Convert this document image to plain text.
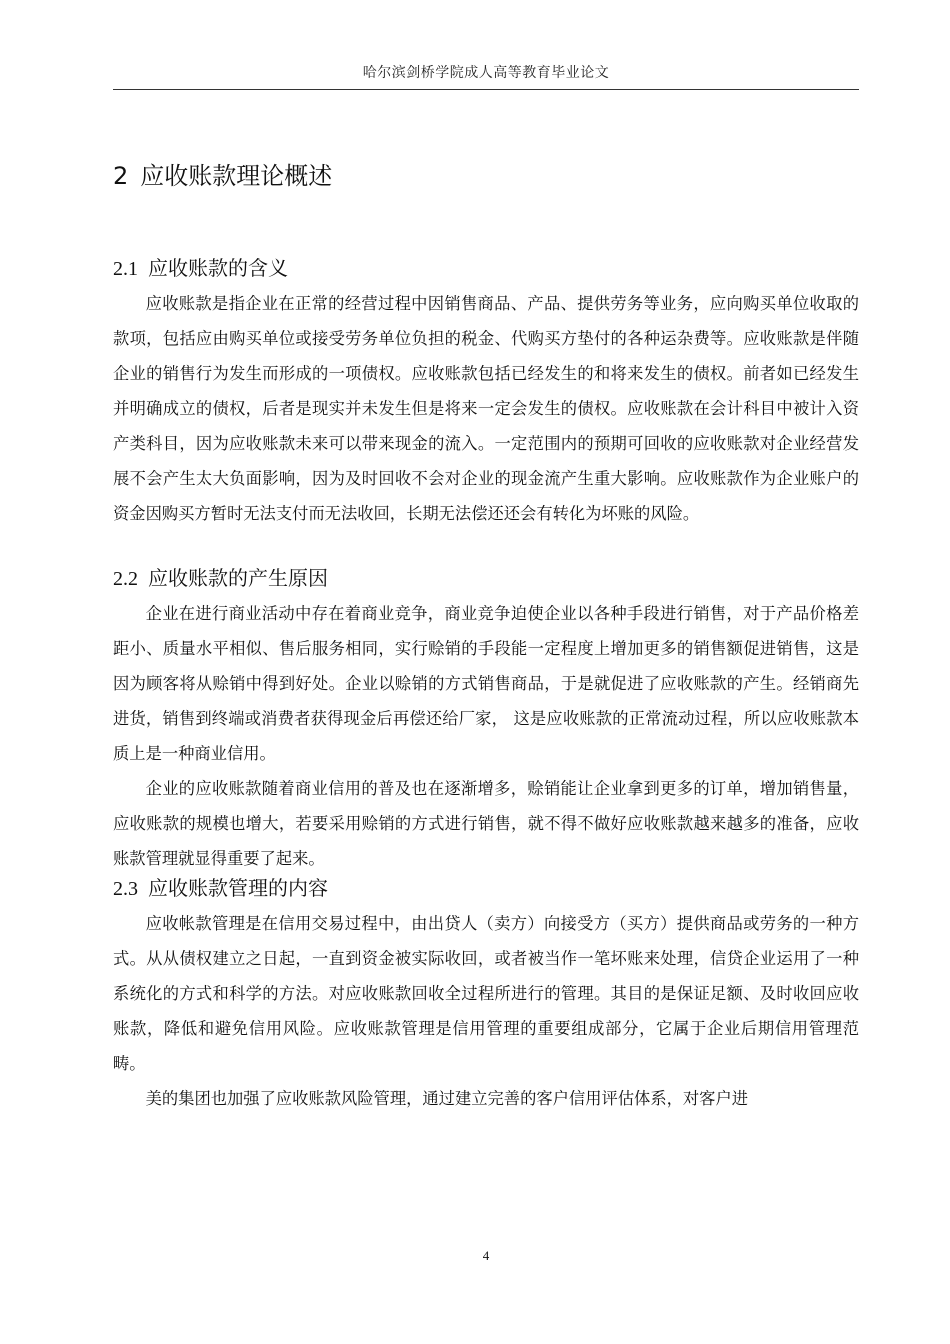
哈尔滨剑桥学院成人高等教育毕业论文
2 应收账款理论概述
2.1 应收账款的含义

应收账款是指企业在正常的经营过程中因销售商品、产品、提供劳务等业务，应向购买单位收取的款项，包括应由购买单位或接受劳务单位负担的税金、代购买方垫付的各种运杂费等。应收账款是伴随企业的销售行为发生而形成的一项债权。应收账款包括已经发生的和将来发生的债权。前者如已经发生并明确成立的债权，后者是现实并未发生但是将来一定会发生的债权。应收账款在会计科目中被计入资产类科目，因为应收账款未来可以带来现金的流入。一定范围内的预期可回收的应收账款对企业经营发展不会产生太大负面影响，因为及时回收不会对企业的现金流产生重大影响。应收账款作为企业账户的资金因购买方暂时无法支付而无法收回，长期无法偿还还会有转化为坏账的风险。

2.2 应收账款的产生原因

企业在进行商业活动中存在着商业竞争，商业竞争迫使企业以各种手段进行销售，对于产品价格差距小、质量水平相似、售后服务相同，实行赊销的手段能一定程度上增加更多的销售额促进销售，这是因为顾客将从赊销中得到好处。企业以赊销的方式销售商品，于是就促进了应收账款的产生。经销商先进货，销售到终端或消费者获得现金后再偿还给厂家， 这是应收账款的正常流动过程，所以应收账款本质上是一种商业信用。

企业的应收账款随着商业信用的普及也在逐渐增多，赊销能让企业拿到更多的订单，增加销售量，应收账款的规模也增大，若要采用赊销的方式进行销售，就不得不做好应收账款越来越多的准备，应收账款管理就显得重要了起来。

2.3 应收账款管理的内容

应收帐款管理是在信用交易过程中，由出贷人（卖方）向接受方（买方）提供商品或劳务的一种方式。从从债权建立之日起，一直到资金被实际收回，或者被当作一笔坏账来处理，信贷企业运用了一种系统化的方式和科学的方法。对应收账款回收全过程所进行的管理。其目的是保证足额、及时收回应收账款，降低和避免信用风险。应收账款管理是信用管理的重要组成部分，它属于企业后期信用管理范畴。

美的集团也加强了应收账款风险管理，通过建立完善的客户信用评估体系，对客户进

4
